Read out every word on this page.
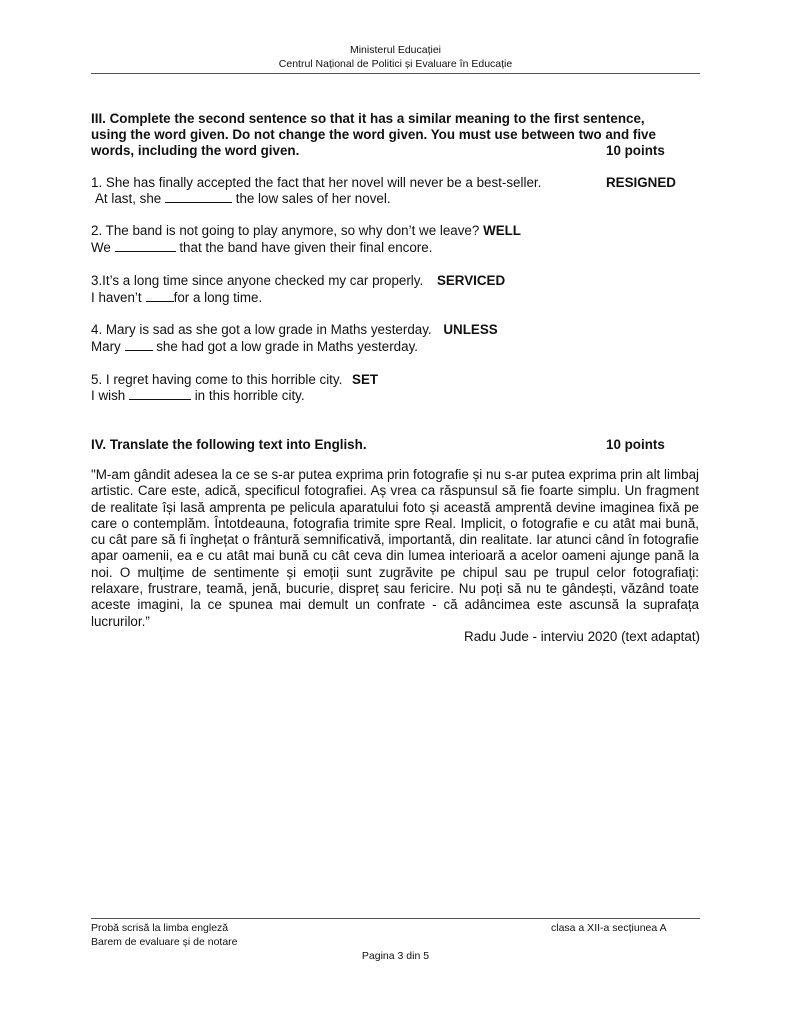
Ministerul Educației
Centrul Național de Politici și Evaluare în Educație
III. Complete the second sentence so that it has a similar meaning to the first sentence,
using the word given. Do not change the word given. You must use between two and five
words, including the word given.	10 points
1. She has finally accepted the fact that her novel will never be a best-seller.	RESIGNED
At last, she	the low sales of her novel.
2. The band is not going to play anymore, so why don’t we leave? WELL
We	that the band have given their final encore.
3.It’s a long time since anyone checked my car properly. SERVICED
I haven’t for a long time.
4. Mary is sad as she got a low grade in Maths yesterday. UNLESS
Mary	she had got a low grade in Maths yesterday.
5. I regret having come to this horrible city. SET
I wish	in this horrible city.
IV. Translate the following text into English.	10 points
"M-am gândit adesea la ce se s-ar putea exprima prin fotografie și nu s-ar putea exprima prin alt limbaj artistic. Care este, adică, specificul fotografiei. Aș vrea ca răspunsul să fie foarte simplu. Un fragment de realitate își lasă amprenta pe pelicula aparatului foto și această amprentă devine imaginea fixă pe care o contemplăm. Întotdeauna, fotografia trimite spre Real. Implicit, o fotografie e cu atât mai bună, cu cât pare să fi înghețat o frântură semnificativă, importantă, din realitate. Iar atunci când în fotografie apar oamenii, ea e cu atât mai bună cu cât ceva din lumea interioară a acelor oameni ajunge pană la noi. O mulțime de sentimente și emoții sunt zugrăvite pe chipul sau pe trupul celor fotografiați: relaxare, frustrare, teamă, jenă, bucurie, dispreț sau fericire. Nu poți să nu te gândești, văzând toate aceste imagini, la ce spunea mai demult un confrate - că adâncimea este ascunsă la suprafața lucrurilor.”
Radu Jude - interviu 2020 (text adaptat)
Probă scrisă la limba engleză
Barem de evaluare și de notare
clasa a XII-a secțiunea A
Pagina 3 din 5
